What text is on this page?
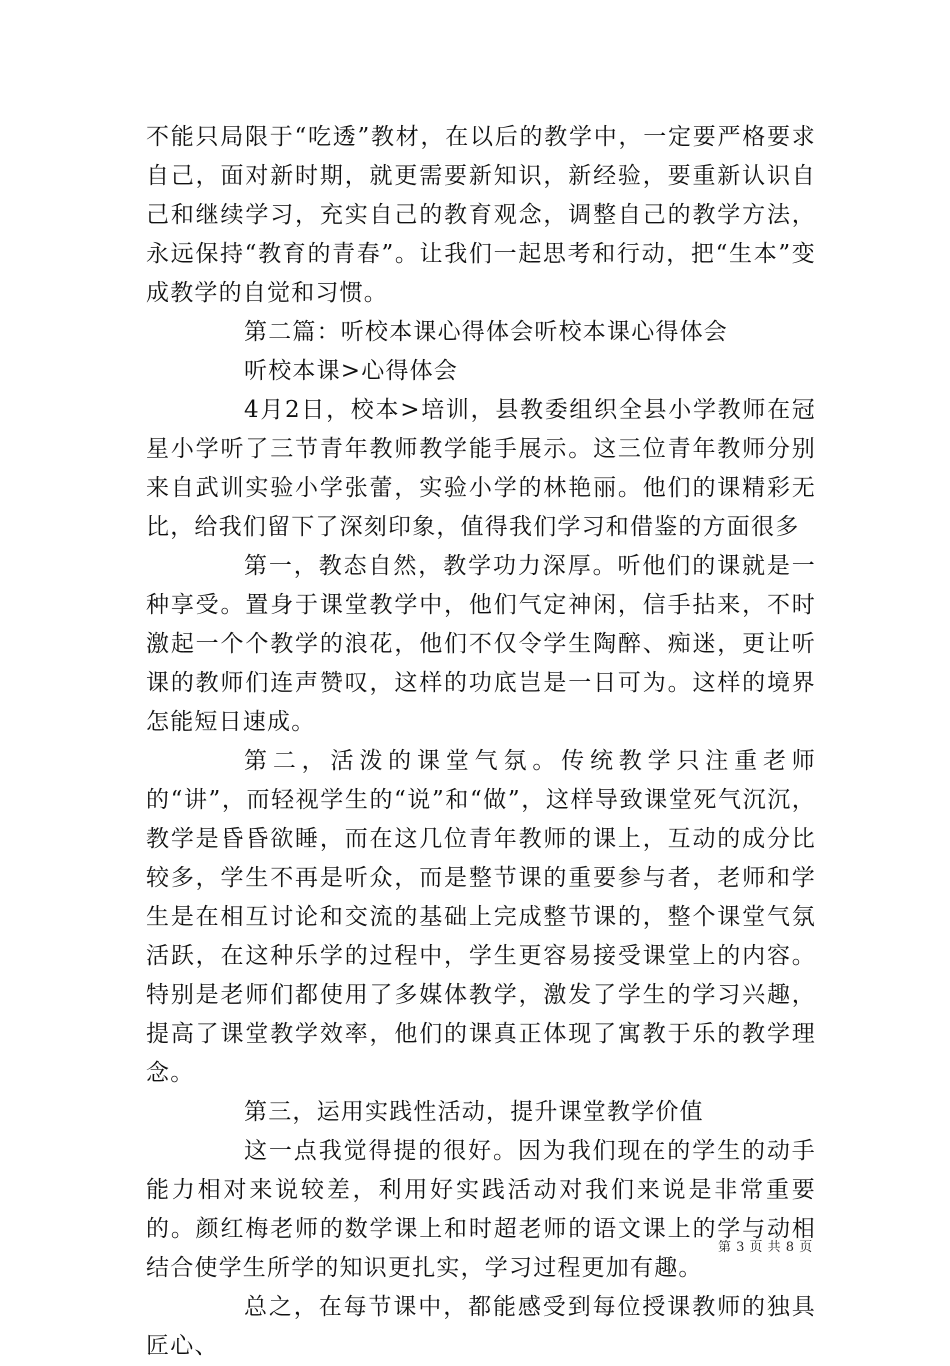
不能只局限于“吃透”教材，在以后的教学中，一定要严格要求自己，面对新时期，就更需要新知识，新经验，要重新认识自己和继续学习，充实自己的教育观念，调整自己的教学方法，永远保持“教育的青春”。让我们一起思考和行动，把“生本”变成教学的自觉和习惯。

第二篇：听校本课心得体会听校本课心得体会

听校本课>心得体会

4月2日，校本>培训，县教委组织全县小学教师在冠星小学听了三节青年教师教学能手展示。这三位青年教师分别来自武训实验小学张蕾，实验小学的林艳丽。他们的课精彩无比，给我们留下了深刻印象，值得我们学习和借鉴的方面很多

第一，教态自然，教学功力深厚。听他们的课就是一种享受。置身于课堂教学中，他们气定神闲，信手拈来，不时激起一个个教学的浪花，他们不仅令学生陶醉、痴迷，更让听课的教师们连声赞叹，这样的功底岂是一日可为。这样的境界怎能短日速成。

第二，活泼的课堂气氛。传统教学只注重老师的“讲”，而轻视学生的“说”和“做”，这样导致课堂死气沉沉，教学是昏昏欲睡，而在这几位青年教师的课上，互动的成分比较多，学生不再是听众，而是整节课的重要参与者，老师和学生是在相互讨论和交流的基础上完成整节课的，整个课堂气氛活跃，在这种乐学的过程中，学生更容易接受课堂上的内容。特别是老师们都使用了多媒体教学，激发了学生的学习兴趣，提高了课堂教学效率，他们的课真正体现了寓教于乐的教学理念。

第三，运用实践性活动，提升课堂教学价值

这一点我觉得提的很好。因为我们现在的学生的动手能力相对来说较差，利用好实践活动对我们来说是非常重要的。颜红梅老师的数学课上和时超老师的语文课上的学与动相结合使学生所学的知识更扎实，学习过程更加有趣。

总之，在每节课中，都能感受到每位授课教师的独具匠心、

第 3 页 共 8 页
